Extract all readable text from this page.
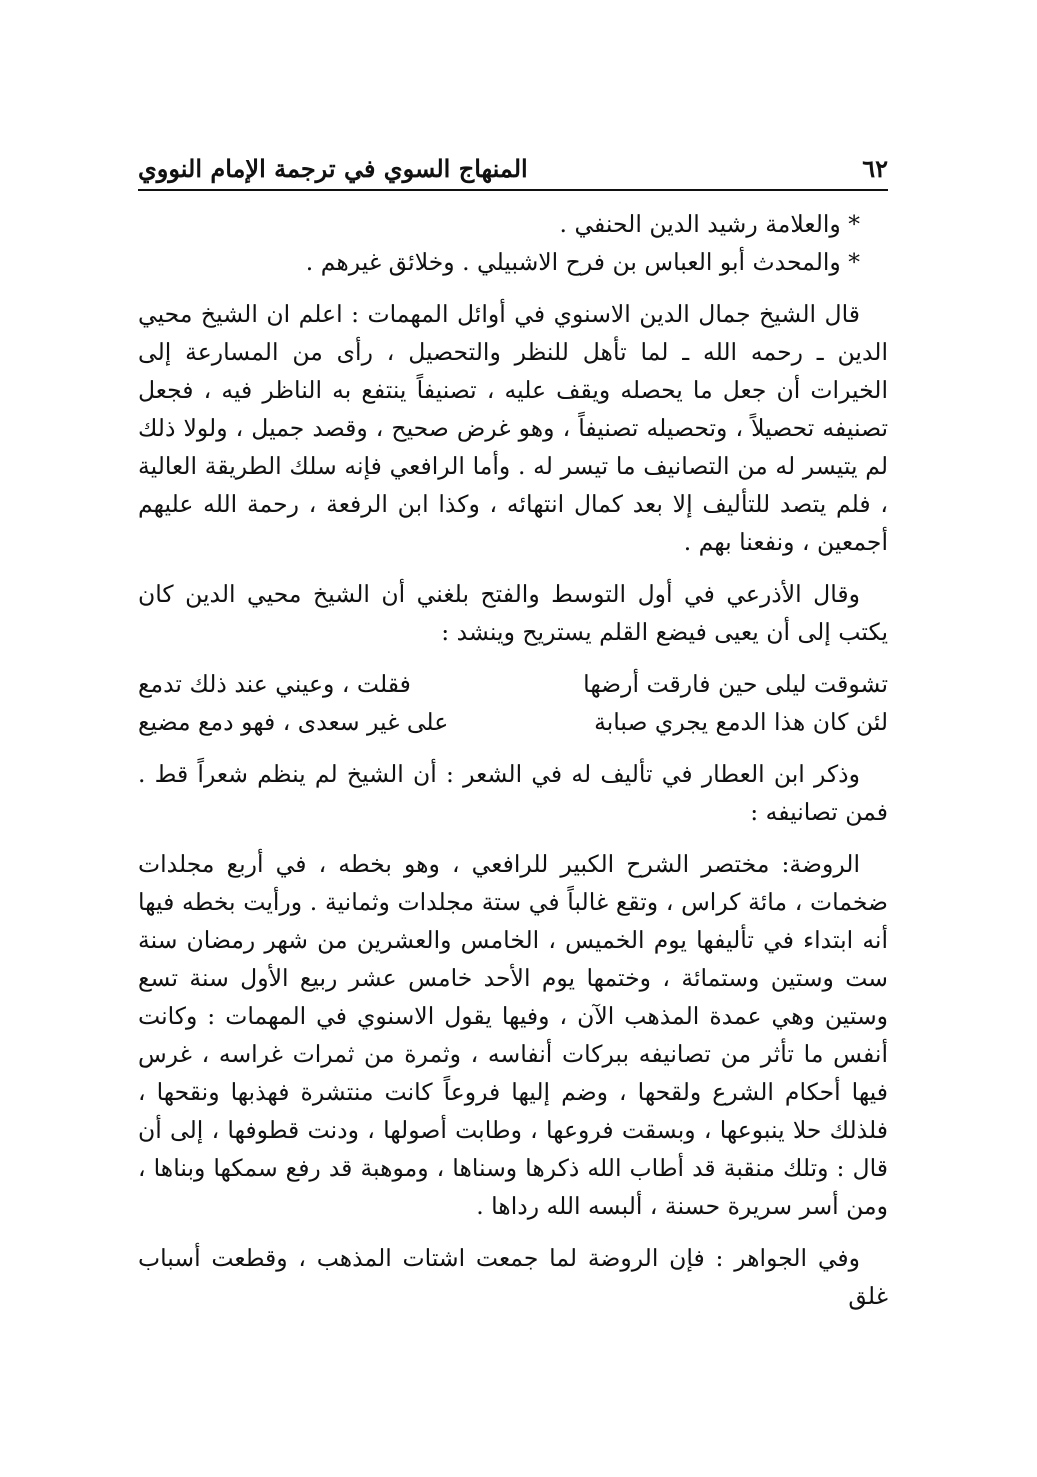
٦٢
المنهاج السوي في ترجمة الإمام النووي

* والعلامة رشيد الدين الحنفي .

* والمحدث أبو العباس بن فرح الاشبيلي . وخلائق غيرهم .

قال الشيخ جمال الدين الاسنوي في أوائل المهمات : اعلم ان الشيخ محيي الدين ـ رحمه الله ـ لما تأهل للنظر والتحصيل ، رأى من المسارعة إلى الخيرات أن جعل ما يحصله ويقف عليه ، تصنيفاً ينتفع به الناظر فيه ، فجعل تصنيفه تحصيلاً ، وتحصيله تصنيفاً ، وهو غرض صحيح ، وقصد جميل ، ولولا ذلك لم يتيسر له من التصانيف ما تيسر له . وأما الرافعي فإنه سلك الطريقة العالية ، فلم يتصد للتأليف إلا بعد كمال انتهائه ، وكذا ابن الرفعة ، رحمة الله عليهم أجمعين ، ونفعنا بهم .

وقال الأذرعي في أول التوسط والفتح بلغني أن الشيخ محيي الدين كان يكتب إلى أن يعيى فيضع القلم يستريح وينشد :

تشوقت ليلى حين فارقت أرضها
فقلت ، وعيني عند ذلك تدمع
لئن كان هذا الدمع يجري صبابة
على غير سعدى ، فهو دمع مضيع

وذكر ابن العطار في تأليف له في الشعر : أن الشيخ لم ينظم شعراً قط . فمن تصانيفه :

الروضة: مختصر الشرح الكبير للرافعي ، وهو بخطه ، في أربع مجلدات ضخمات ، مائة كراس ، وتقع غالباً في ستة مجلدات وثمانية . ورأيت بخطه فيها أنه ابتداء في تأليفها يوم الخميس ، الخامس والعشرين من شهر رمضان سنة ست وستين وستمائة ، وختمها يوم الأحد خامس عشر ربيع الأول سنة تسع وستين وهي عمدة المذهب الآن ، وفيها يقول الاسنوي في المهمات : وكانت أنفس ما تأثر من تصانيفه ببركات أنفاسه ، وثمرة من ثمرات غراسه ، غرس فيها أحكام الشرع ولقحها ، وضم إليها فروعاً كانت منتشرة فهذبها ونقحها ، فلذلك حلا ينبوعها ، وبسقت فروعها ، وطابت أصولها ، ودنت قطوفها ، إلى أن قال : وتلك منقبة قد أطاب الله ذكرها وسناها ، وموهبة قد رفع سمكها وبناها ، ومن أسر سريرة حسنة ، ألبسه الله رداها .

وفي الجواهر : فإن الروضة لما جمعت اشتات المذهب ، وقطعت أسباب غلق
